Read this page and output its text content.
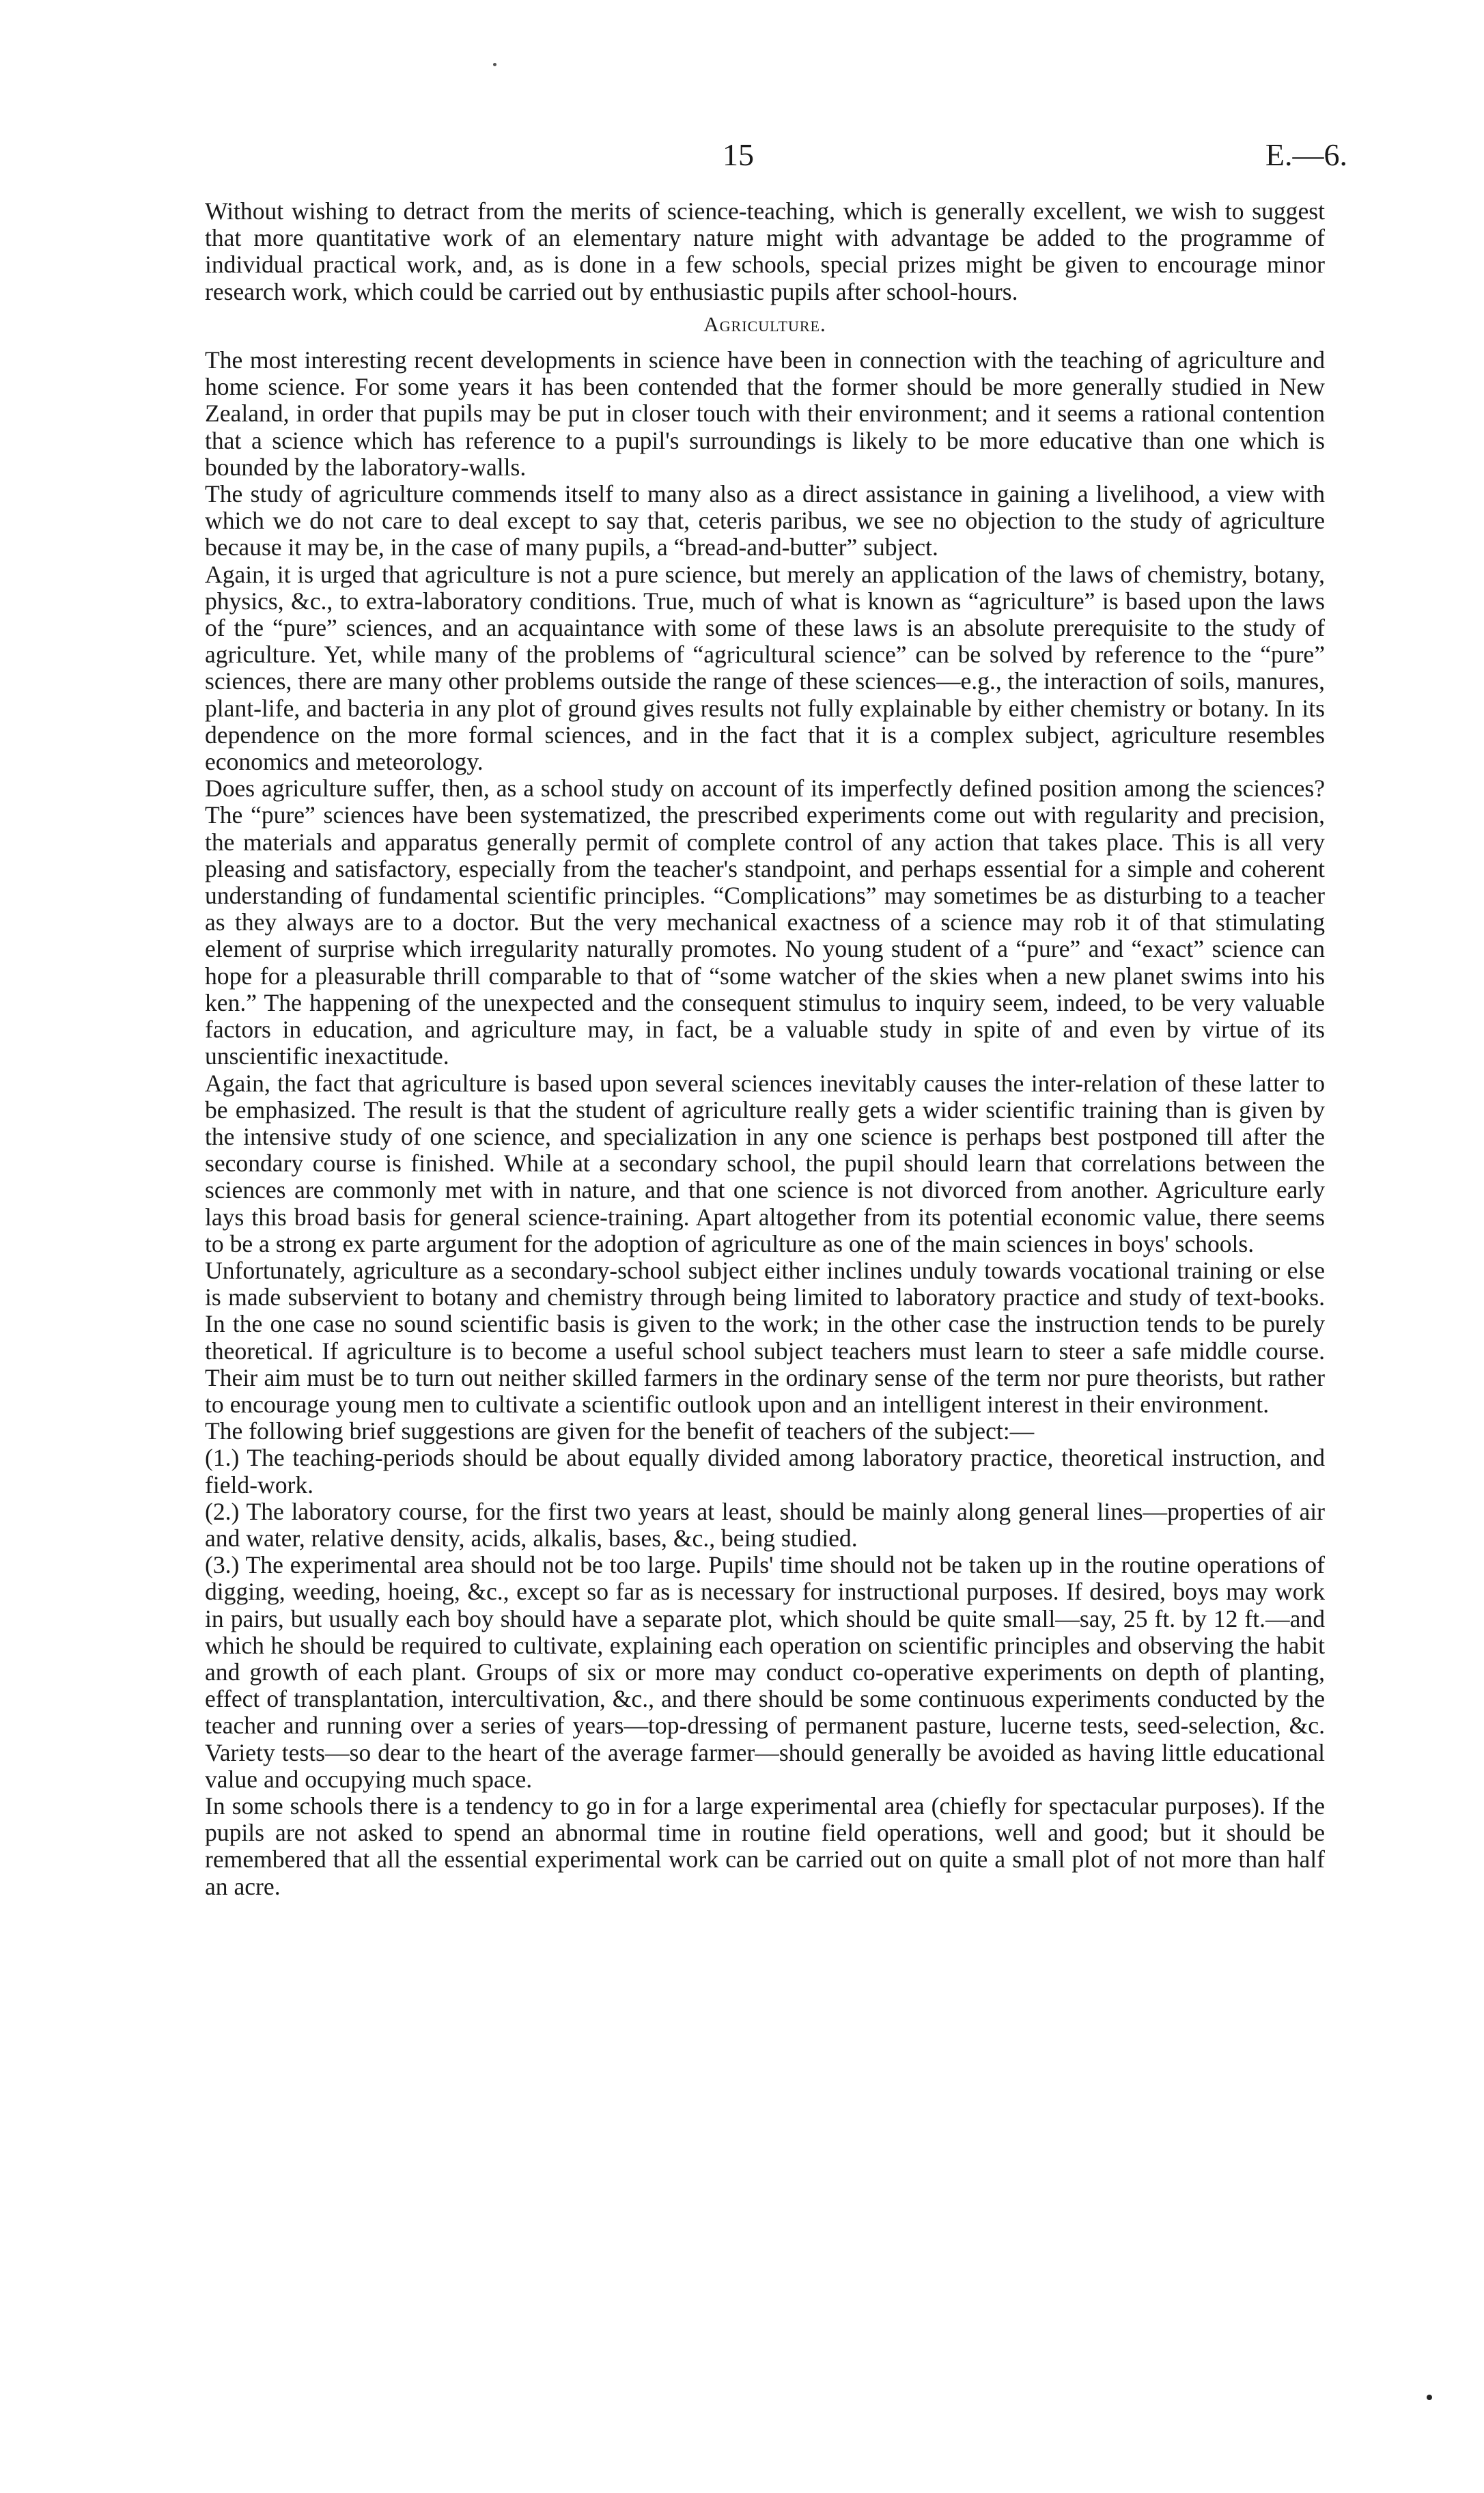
15	E.—6.

Without wishing to detract from the merits of science-teaching, which is generally excellent, we wish to suggest that more quantitative work of an elementary nature might with advantage be added to the programme of individual practical work, and, as is done in a few schools, special prizes might be given to encourage minor research work, which could be carried out by enthusiastic pupils after school-hours.

Agriculture.

The most interesting recent developments in science have been in connection with the teaching of agriculture and home science. For some years it has been contended that the former should be more generally studied in New Zealand, in order that pupils may be put in closer touch with their environment; and it seems a rational contention that a science which has reference to a pupil's surroundings is likely to be more educative than one which is bounded by the laboratory-walls.

The study of agriculture commends itself to many also as a direct assistance in gaining a livelihood, a view with which we do not care to deal except to say that, ceteris paribus, we see no objection to the study of agriculture because it may be, in the case of many pupils, a “bread-and-butter” subject.

Again, it is urged that agriculture is not a pure science, but merely an application of the laws of chemistry, botany, physics, &c., to extra-laboratory conditions. True, much of what is known as “agriculture” is based upon the laws of the “pure” sciences, and an acquaintance with some of these laws is an absolute prerequisite to the study of agriculture. Yet, while many of the problems of “agricultural science” can be solved by reference to the “pure” sciences, there are many other problems outside the range of these sciences—e.g., the interaction of soils, manures, plant-life, and bacteria in any plot of ground gives results not fully explainable by either chemistry or botany. In its dependence on the more formal sciences, and in the fact that it is a complex subject, agriculture resembles economics and meteorology.

Does agriculture suffer, then, as a school study on account of its imperfectly defined position among the sciences? The “pure” sciences have been systematized, the prescribed experiments come out with regularity and precision, the materials and apparatus generally permit of complete control of any action that takes place. This is all very pleasing and satisfactory, especially from the teacher's standpoint, and perhaps essential for a simple and coherent understanding of fundamental scientific principles. “Complications” may sometimes be as disturbing to a teacher as they always are to a doctor. But the very mechanical exactness of a science may rob it of that stimulating element of surprise which irregularity naturally promotes. No young student of a “pure” and “exact” science can hope for a pleasurable thrill comparable to that of “some watcher of the skies when a new planet swims into his ken.” The happening of the unexpected and the consequent stimulus to inquiry seem, indeed, to be very valuable factors in education, and agriculture may, in fact, be a valuable study in spite of and even by virtue of its unscientific inexactitude.

Again, the fact that agriculture is based upon several sciences inevitably causes the inter-relation of these latter to be emphasized. The result is that the student of agriculture really gets a wider scientific training than is given by the intensive study of one science, and specialization in any one science is perhaps best postponed till after the secondary course is finished. While at a secondary school, the pupil should learn that correlations between the sciences are commonly met with in nature, and that one science is not divorced from another. Agriculture early lays this broad basis for general science-training. Apart altogether from its potential economic value, there seems to be a strong ex parte argument for the adoption of agriculture as one of the main sciences in boys' schools.

Unfortunately, agriculture as a secondary-school subject either inclines unduly towards vocational training or else is made subservient to botany and chemistry through being limited to laboratory practice and study of text-books. In the one case no sound scientific basis is given to the work; in the other case the instruction tends to be purely theoretical. If agriculture is to become a useful school subject teachers must learn to steer a safe middle course. Their aim must be to turn out neither skilled farmers in the ordinary sense of the term nor pure theorists, but rather to encourage young men to cultivate a scientific outlook upon and an intelligent interest in their environment.

The following brief suggestions are given for the benefit of teachers of the subject:—

(1.) The teaching-periods should be about equally divided among laboratory practice, theoretical instruction, and field-work.

(2.) The laboratory course, for the first two years at least, should be mainly along general lines—properties of air and water, relative density, acids, alkalis, bases, &c., being studied.

(3.) The experimental area should not be too large. Pupils' time should not be taken up in the routine operations of digging, weeding, hoeing, &c., except so far as is necessary for instructional purposes. If desired, boys may work in pairs, but usually each boy should have a separate plot, which should be quite small—say, 25 ft. by 12 ft.—and which he should be required to cultivate, explaining each operation on scientific principles and observing the habit and growth of each plant. Groups of six or more may conduct co-operative experiments on depth of planting, effect of transplantation, intercultivation, &c., and there should be some continuous experiments conducted by the teacher and running over a series of years—top-dressing of permanent pasture, lucerne tests, seed-selection, &c. Variety tests—so dear to the heart of the average farmer—should generally be avoided as having little educational value and occupying much space.

In some schools there is a tendency to go in for a large experimental area (chiefly for spectacular purposes). If the pupils are not asked to spend an abnormal time in routine field operations, well and good; but it should be remembered that all the essential experimental work can be carried out on quite a small plot of not more than half an acre.
